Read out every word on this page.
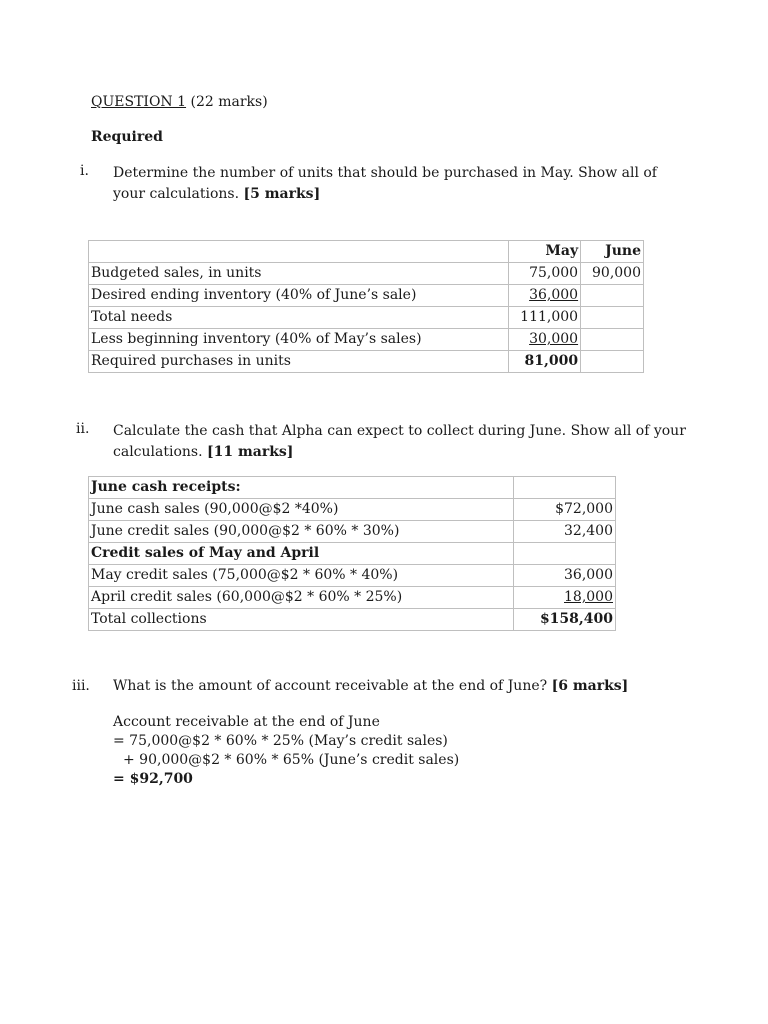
QUESTION 1 (22 marks)
Required
i. Determine the number of units that should be purchased in May. Show all of
your calculations. [5 marks]
	May	June
Budgeted sales, in units	75,000	90,000
Desired ending inventory (40% of June’s sale)	36,000	
Total needs	111,000	
Less beginning inventory (40% of May’s sales)	30,000	
Required purchases in units	81,000	
ii. Calculate the cash that Alpha can expect to collect during June. Show all of your
calculations. [11 marks]
June cash receipts:	
June cash sales (90,000@$2 *40%)	$72,000
June credit sales (90,000@$2 * 60% * 30%)	32,400
Credit sales of May and April	
May credit sales (75,000@$2 * 60% * 40%)	36,000
April credit sales (60,000@$2 * 60% * 25%)	18,000
Total collections	$158,400
iii. What is the amount of account receivable at the end of June? [6 marks]
Account receivable at the end of June
= 75,000@$2 * 60% * 25% (May’s credit sales)
+ 90,000@$2 * 60% * 65% (June’s credit sales)
= $92,700
